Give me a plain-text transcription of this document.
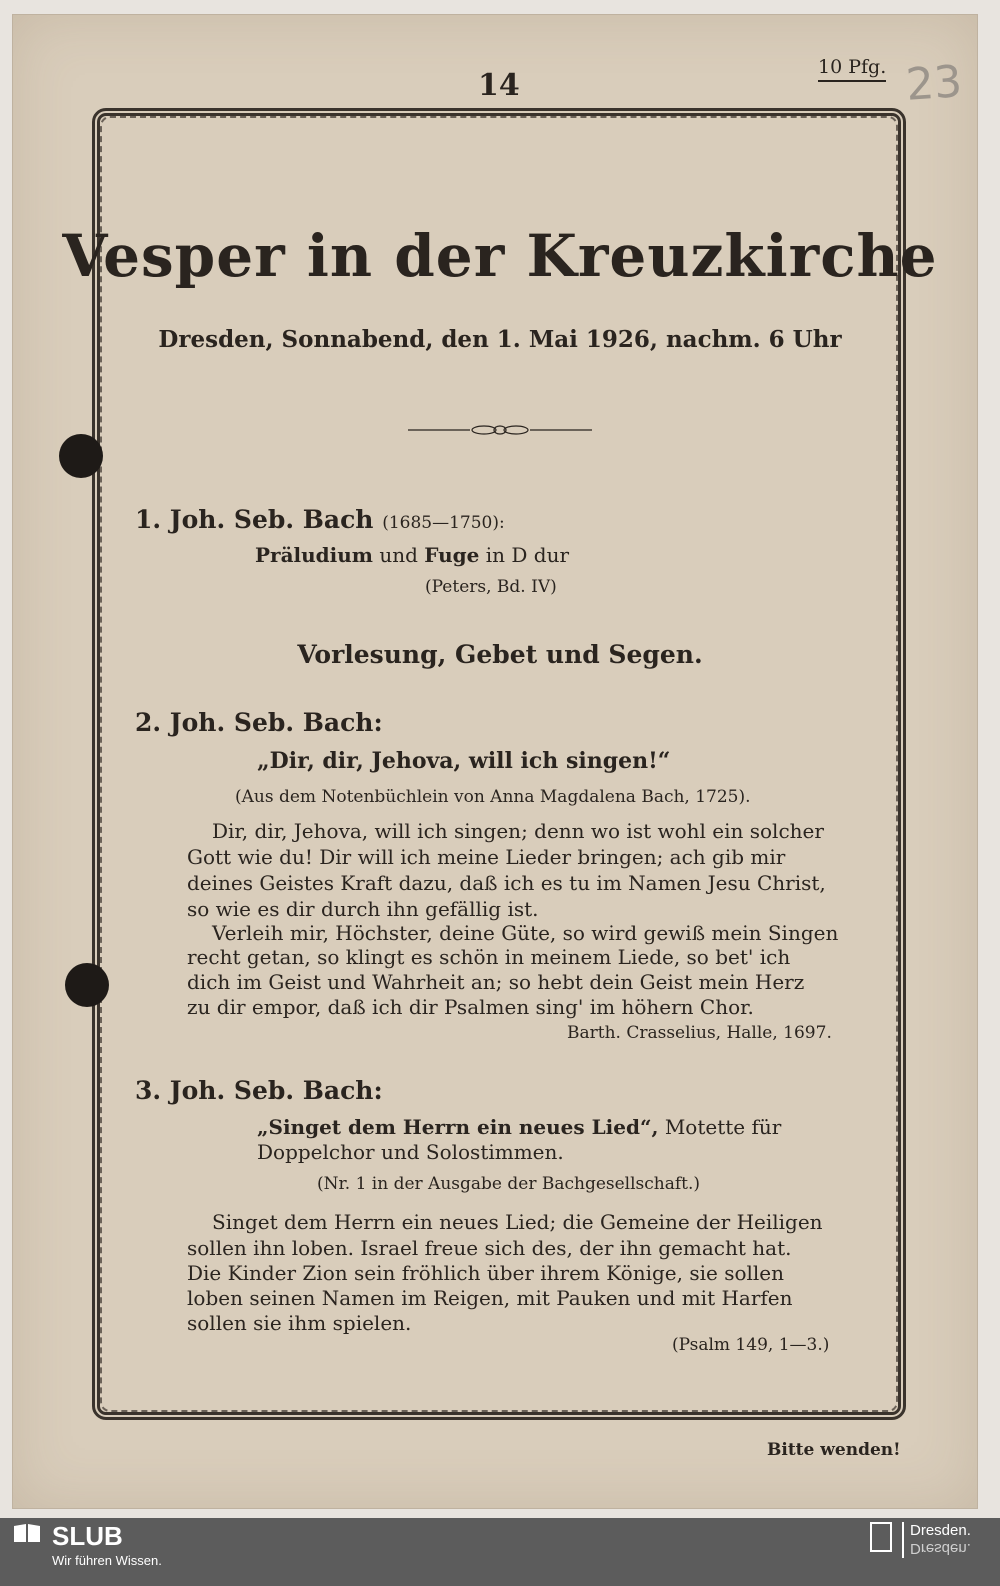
14
10 Pfg. 23
Vesper in der Kreuzkirche
Dresden, Sonnabend, den 1. Mai 1926, nachm. 6 Uhr
1. Joh. Seb. Bach (1685—1750):
Präludium und Fuge in D dur
(Peters, Bd. IV)
Vorlesung, Gebet und Segen.
2. Joh. Seb. Bach:
„Dir, dir, Jehova, will ich singen!“
(Aus dem Notenbüchlein von Anna Magdalena Bach, 1725).
Dir, dir, Jehova, will ich singen; denn wo ist wohl ein solcher
Gott wie du! Dir will ich meine Lieder bringen; ach gib mir
deines Geistes Kraft dazu, daß ich es tu im Namen Jesu Christ,
so wie es dir durch ihn gefällig ist.
Verleih mir, Höchster, deine Güte, so wird gewiß mein Singen
recht getan, so klingt es schön in meinem Liede, so bet' ich
dich im Geist und Wahrheit an; so hebt dein Geist mein Herz
zu dir empor, daß ich dir Psalmen sing' im höhern Chor.
Barth. Crasselius, Halle, 1697.
3. Joh. Seb. Bach:
„Singet dem Herrn ein neues Lied“, Motette für
Doppelchor und Solostimmen.
(Nr. 1 in der Ausgabe der Bachgesellschaft.)
Singet dem Herrn ein neues Lied; die Gemeine der Heiligen
sollen ihn loben. Israel freue sich des, der ihn gemacht hat.
Die Kinder Zion sein fröhlich über ihrem Könige, sie sollen
loben seinen Namen im Reigen, mit Pauken und mit Harfen
sollen sie ihm spielen.
(Psalm 149, 1—3.)
Bitte wenden!
SLUB
Wir führen Wissen.
Dresden.
Dresden.
